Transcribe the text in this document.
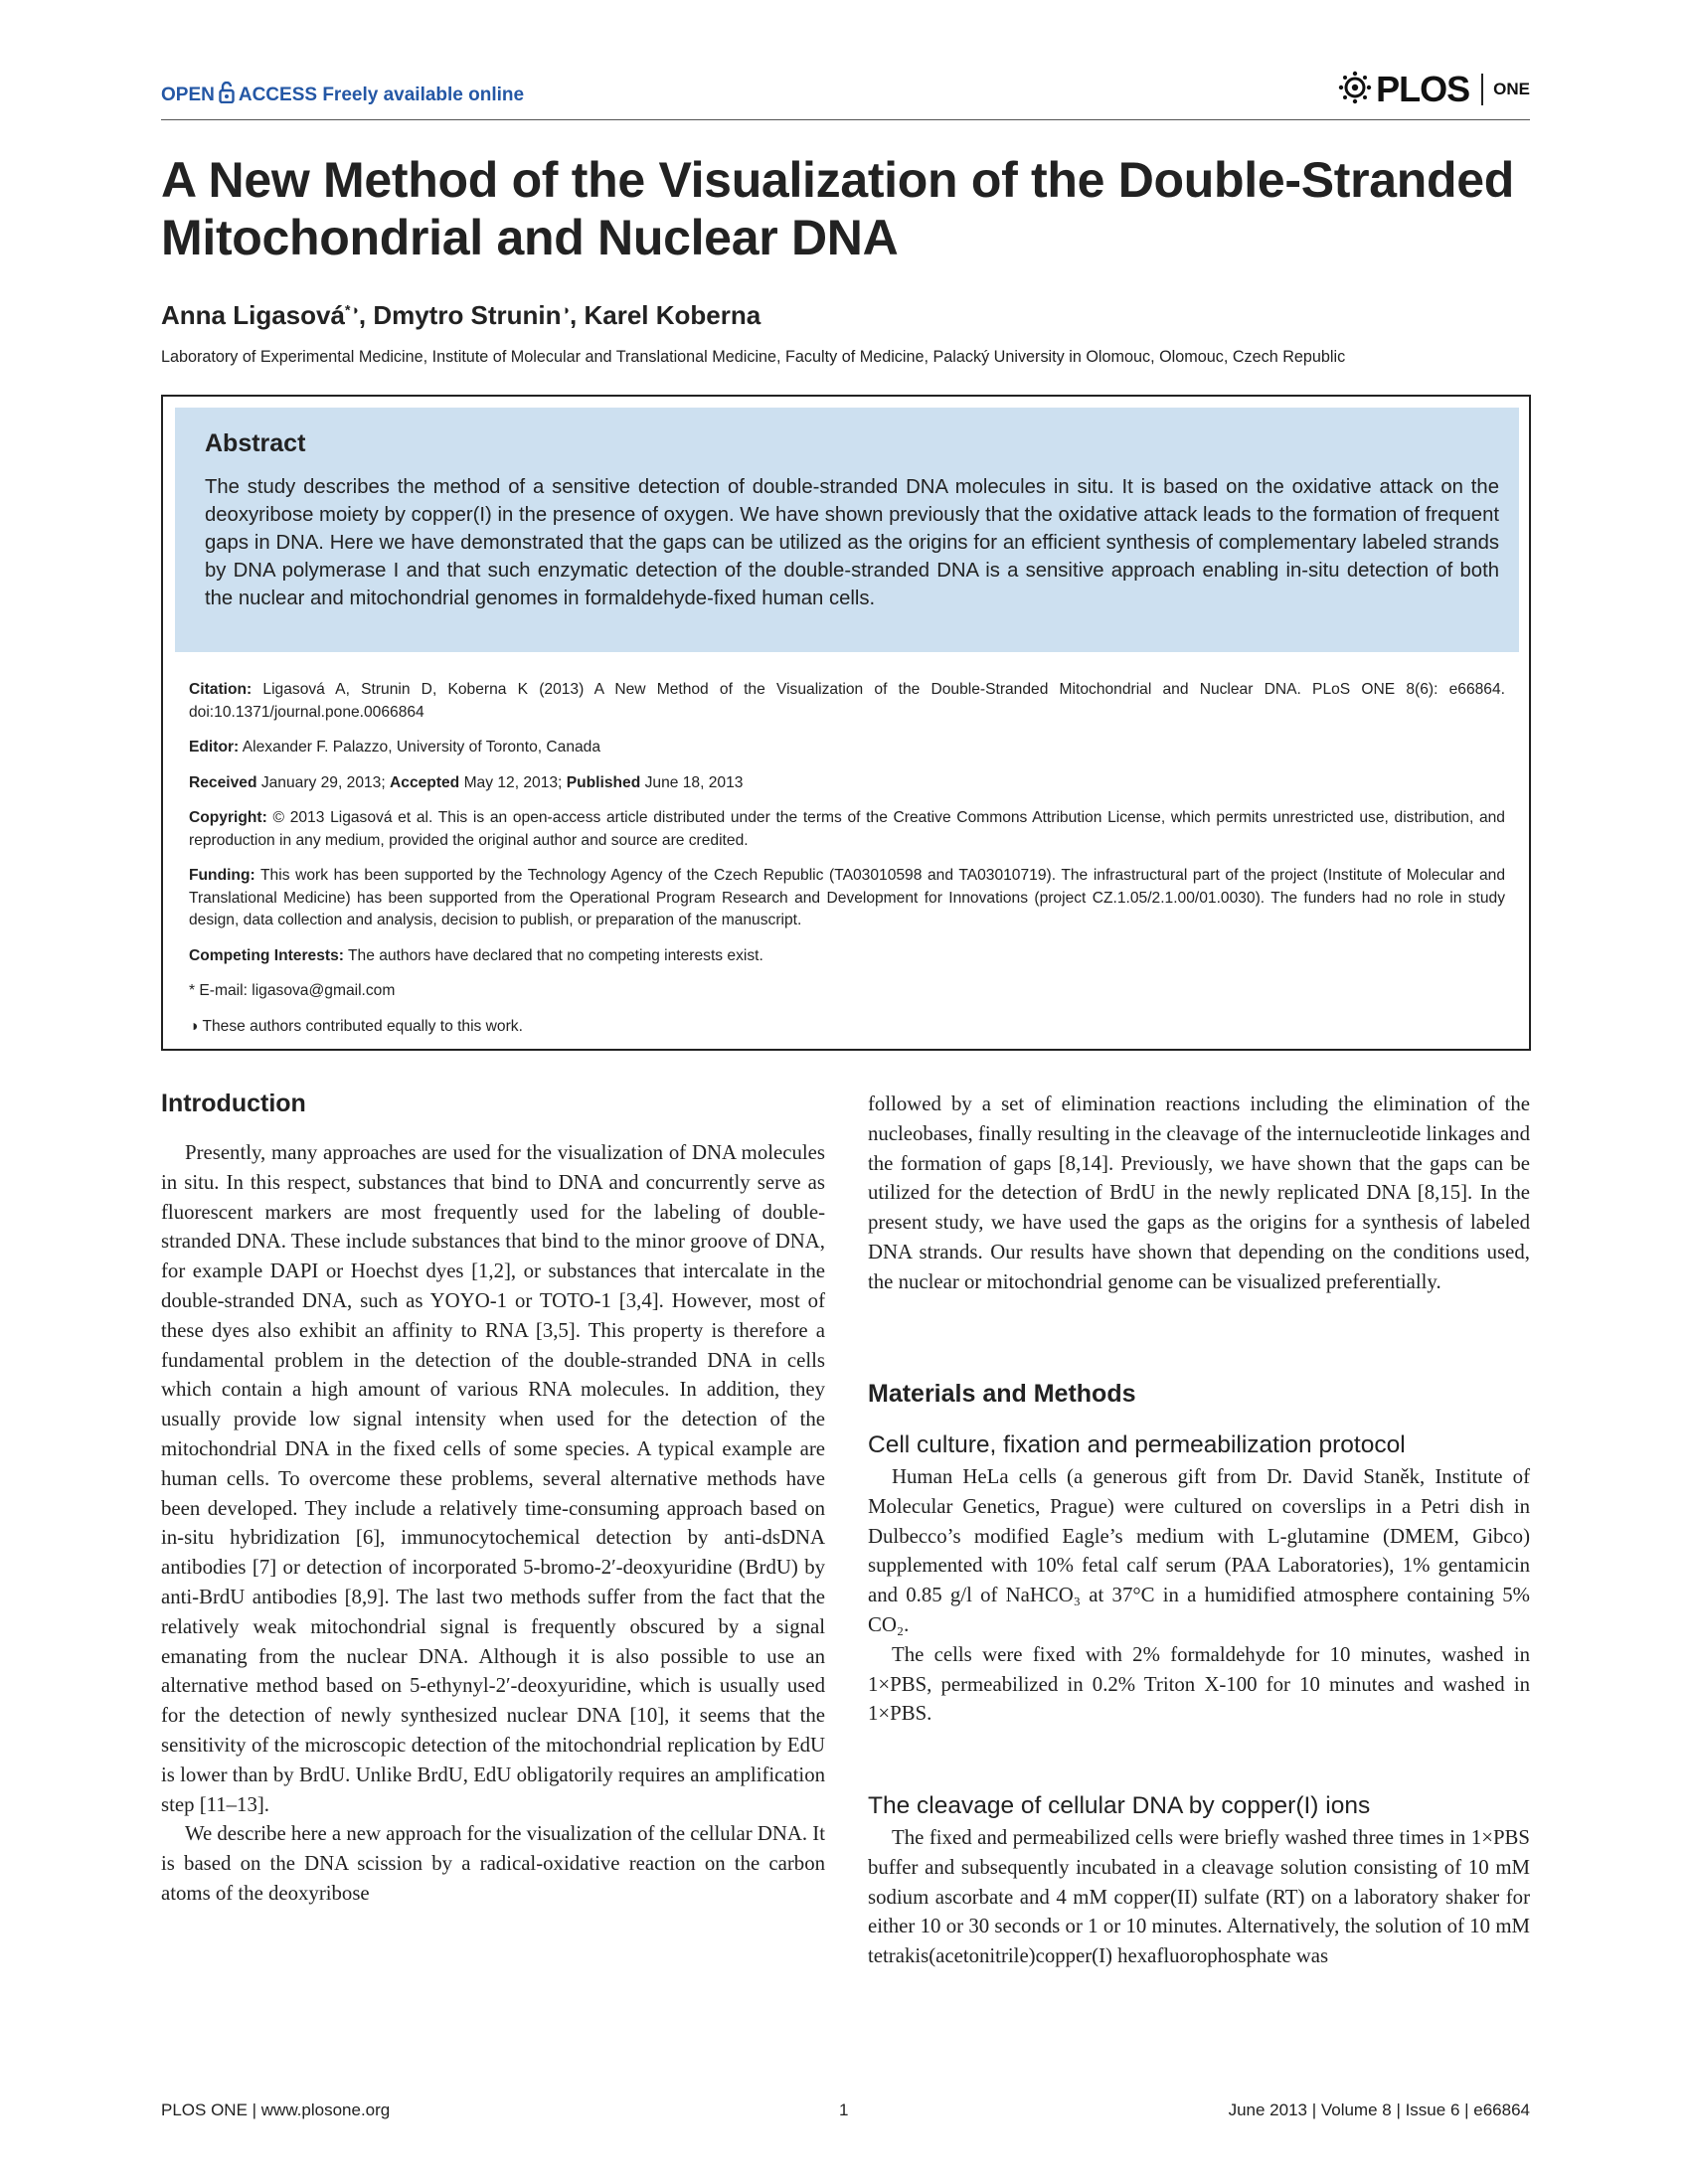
OPEN ACCESS Freely available online	PLOS ONE
A New Method of the Visualization of the Double-Stranded Mitochondrial and Nuclear DNA
Anna Ligasová*◑, Dmytro Strunin◑, Karel Koberna
Laboratory of Experimental Medicine, Institute of Molecular and Translational Medicine, Faculty of Medicine, Palacký University in Olomouc, Olomouc, Czech Republic
Abstract
The study describes the method of a sensitive detection of double-stranded DNA molecules in situ. It is based on the oxidative attack on the deoxyribose moiety by copper(I) in the presence of oxygen. We have shown previously that the oxidative attack leads to the formation of frequent gaps in DNA. Here we have demonstrated that the gaps can be utilized as the origins for an efficient synthesis of complementary labeled strands by DNA polymerase I and that such enzymatic detection of the double-stranded DNA is a sensitive approach enabling in-situ detection of both the nuclear and mitochondrial genomes in formaldehyde-fixed human cells.

Citation: Ligasová A, Strunin D, Koberna K (2013) A New Method of the Visualization of the Double-Stranded Mitochondrial and Nuclear DNA. PLoS ONE 8(6): e66864. doi:10.1371/journal.pone.0066864

Editor: Alexander F. Palazzo, University of Toronto, Canada

Received January 29, 2013; Accepted May 12, 2013; Published June 18, 2013

Copyright: © 2013 Ligasová et al. This is an open-access article distributed under the terms of the Creative Commons Attribution License, which permits unrestricted use, distribution, and reproduction in any medium, provided the original author and source are credited.

Funding: This work has been supported by the Technology Agency of the Czech Republic (TA03010598 and TA03010719). The infrastructural part of the project (Institute of Molecular and Translational Medicine) has been supported from the Operational Program Research and Development for Innovations (project CZ.1.05/2.1.00/01.0030). The funders had no role in study design, data collection and analysis, decision to publish, or preparation of the manuscript.

Competing Interests: The authors have declared that no competing interests exist.

* E-mail: ligasova@gmail.com

◑ These authors contributed equally to this work.

Introduction

Presently, many approaches are used for the visualization of DNA molecules in situ. In this respect, substances that bind to DNA and concurrently serve as fluorescent markers are most frequently used for the labeling of double-stranded DNA. These include substances that bind to the minor groove of DNA, for example DAPI or Hoechst dyes [1,2], or substances that intercalate in the double-stranded DNA, such as YOYO-1 or TOTO-1 [3,4]. However, most of these dyes also exhibit an affinity to RNA [3,5]. This property is therefore a fundamental problem in the detection of the double-stranded DNA in cells which contain a high amount of various RNA molecules. In addition, they usually provide low signal intensity when used for the detection of the mitochondrial DNA in the fixed cells of some species. A typical example are human cells. To overcome these problems, several alternative methods have been developed. They include a relatively time-consuming approach based on in-situ hybridization [6], immunocytochemical detection by anti-dsDNA antibodies [7] or detection of incorporated 5-bromo-2′-deoxyuridine (BrdU) by anti-BrdU antibodies [8,9]. The last two methods suffer from the fact that the relatively weak mitochondrial signal is frequently obscured by a signal emanating from the nuclear DNA. Although it is also possible to use an alternative method based on 5-ethynyl-2′-deoxyuridine, which is usually used for the detection of newly synthesized nuclear DNA [10], it seems that the sensitivity of the microscopic detection of the mitochondrial replication by EdU is lower than by BrdU. Unlike BrdU, EdU obligatorily requires an amplification step [11–13].

We describe here a new approach for the visualization of the cellular DNA. It is based on the DNA scission by a radical-oxidative reaction on the carbon atoms of the deoxyribose

followed by a set of elimination reactions including the elimination of the nucleobases, finally resulting in the cleavage of the internucleotide linkages and the formation of gaps [8,14]. Previously, we have shown that the gaps can be utilized for the detection of BrdU in the newly replicated DNA [8,15]. In the present study, we have used the gaps as the origins for a synthesis of labeled DNA strands. Our results have shown that depending on the conditions used, the nuclear or mitochondrial genome can be visualized preferentially.

Materials and Methods
Cell culture, fixation and permeabilization protocol

Human HeLa cells (a generous gift from Dr. David Staněk, Institute of Molecular Genetics, Prague) were cultured on coverslips in a Petri dish in Dulbecco’s modified Eagle’s medium with L-glutamine (DMEM, Gibco) supplemented with 10% fetal calf serum (PAA Laboratories), 1% gentamicin and 0.85 g/l of NaHCO₃ at 37°C in a humidified atmosphere containing 5% CO₂.

The cells were fixed with 2% formaldehyde for 10 minutes, washed in 1×PBS, permeabilized in 0.2% Triton X-100 for 10 minutes and washed in 1×PBS.

The cleavage of cellular DNA by copper(I) ions

The fixed and permeabilized cells were briefly washed three times in 1×PBS buffer and subsequently incubated in a cleavage solution consisting of 10 mM sodium ascorbate and 4 mM copper(II) sulfate (RT) on a laboratory shaker for either 10 or 30 seconds or 1 or 10 minutes. Alternatively, the solution of 10 mM tetrakis(acetonitrile)copper(I) hexafluorophosphate was

PLOS ONE | www.plosone.org	1	June 2013 | Volume 8 | Issue 6 | e66864
